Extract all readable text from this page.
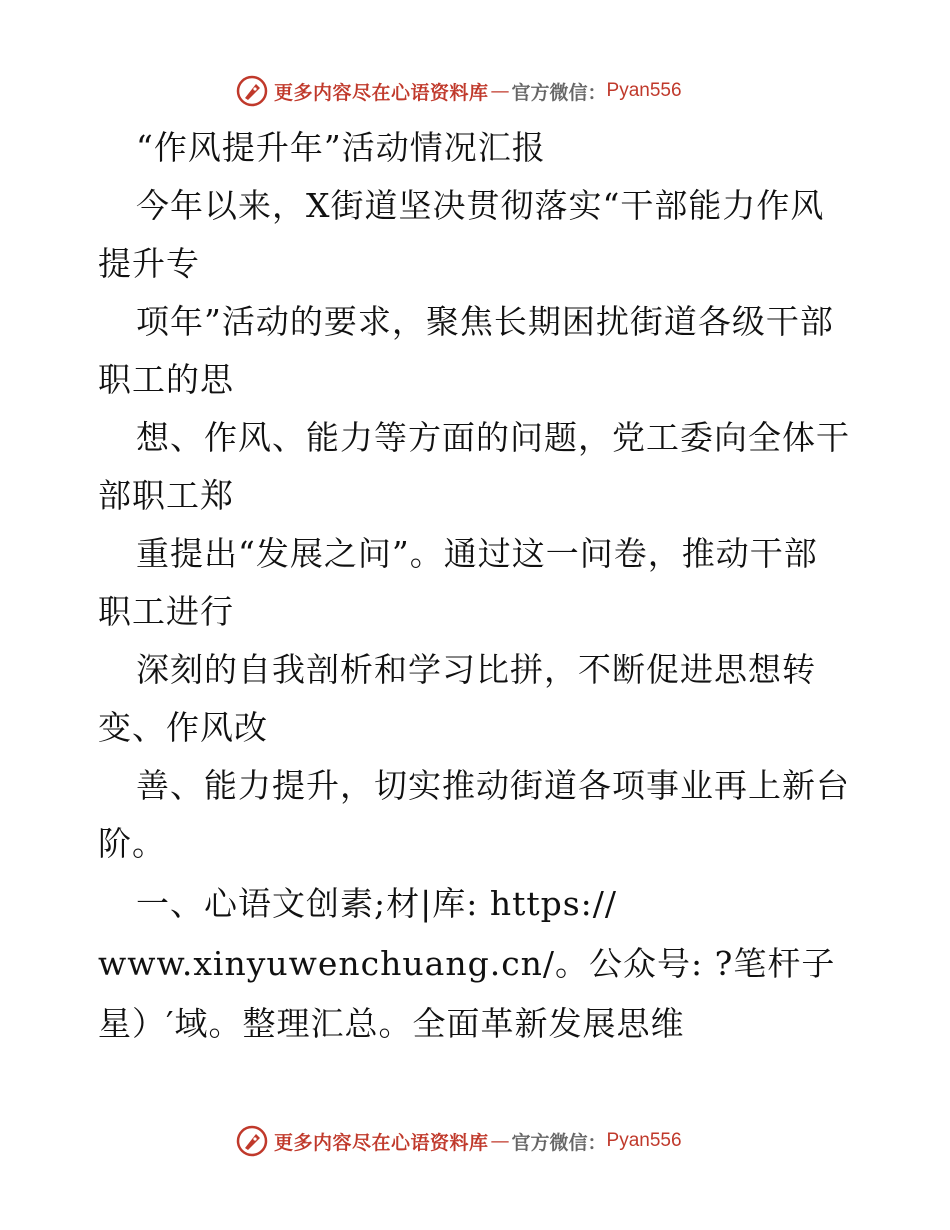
更多内容尽在心语资料库 — 官方微信： Pyan556
“作风提升年”活动情况汇报
今年以来，X街道坚决贯彻落实“干部能力作风
提升专
项年”活动的要求，聚焦长期困扰街道各级干部
职工的思
想、作风、能力等方面的问题，党工委向全体干
部职工郑
重提出“发展之问”。通过这一问卷，推动干部
职工进行
深刻的自我剖析和学习比拼，不断促进思想转
变、作风改
善、能力提升，切实推动街道各项事业再上新台
阶。
一、心语文创素;材|库: https://
www.xinyuwenchuang.cn/。公众号: ?笔杆子
星）′域。整理汇总。全面革新发展思维
更多内容尽在心语资料库 — 官方微信： Pyan556
